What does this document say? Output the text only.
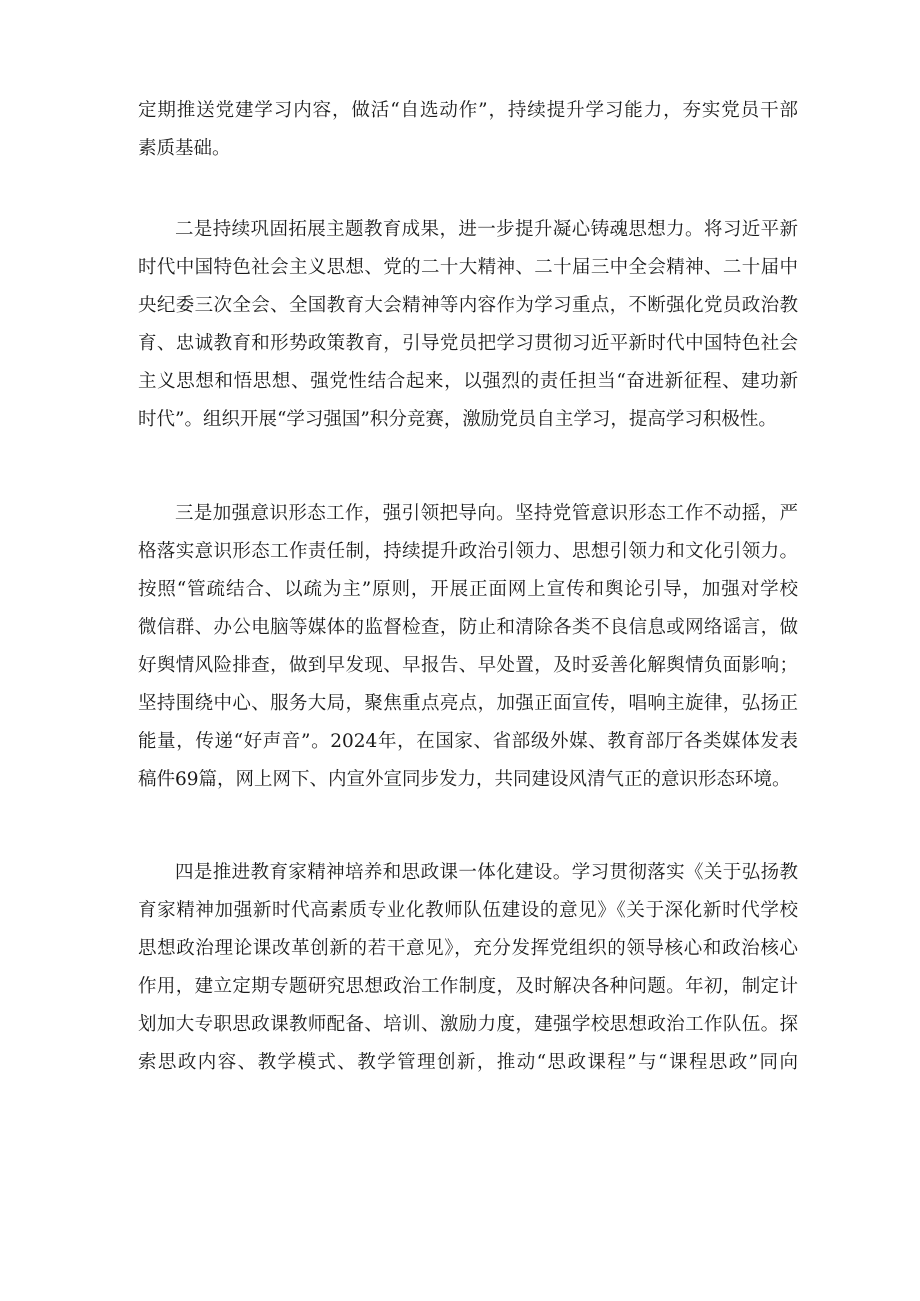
定期推送党建学习内容，做活“自选动作”，持续提升学习能力，夯实党员干部
素质基础。
二是持续巩固拓展主题教育成果，进一步提升凝心铸魂思想力。将习近平新
时代中国特色社会主义思想、党的二十大精神、二十届三中全会精神、二十届中
央纪委三次全会、全国教育大会精神等内容作为学习重点，不断强化党员政治教
育、忠诚教育和形势政策教育，引导党员把学习贯彻习近平新时代中国特色社会
主义思想和悟思想、强党性结合起来，以强烈的责任担当“奋进新征程、建功新
时代”。组织开展“学习强国”积分竞赛，激励党员自主学习，提高学习积极性。
三是加强意识形态工作，强引领把导向。坚持党管意识形态工作不动摇，严
格落实意识形态工作责任制，持续提升政治引领力、思想引领力和文化引领力。
按照“管疏结合、以疏为主”原则，开展正面网上宣传和舆论引导，加强对学校
微信群、办公电脑等媒体的监督检查，防止和清除各类不良信息或网络谣言，做
好舆情风险排查，做到早发现、早报告、早处置，及时妥善化解舆情负面影响；
坚持围绕中心、服务大局，聚焦重点亮点，加强正面宣传，唱响主旋律，弘扬正
能量，传递“好声音”。2024年，在国家、省部级外媒、教育部厅各类媒体发表
稿件69篇，网上网下、内宣外宣同步发力，共同建设风清气正的意识形态环境。
四是推进教育家精神培养和思政课一体化建设。学习贯彻落实《关于弘扬教
育家精神加强新时代高素质专业化教师队伍建设的意见》《关于深化新时代学校
思想政治理论课改革创新的若干意见》，充分发挥党组织的领导核心和政治核心
作用，建立定期专题研究思想政治工作制度，及时解决各种问题。年初，制定计
划加大专职思政课教师配备、培训、激励力度，建强学校思想政治工作队伍。探
索思政内容、教学模式、教学管理创新，推动“思政课程”与“课程思政”同向
